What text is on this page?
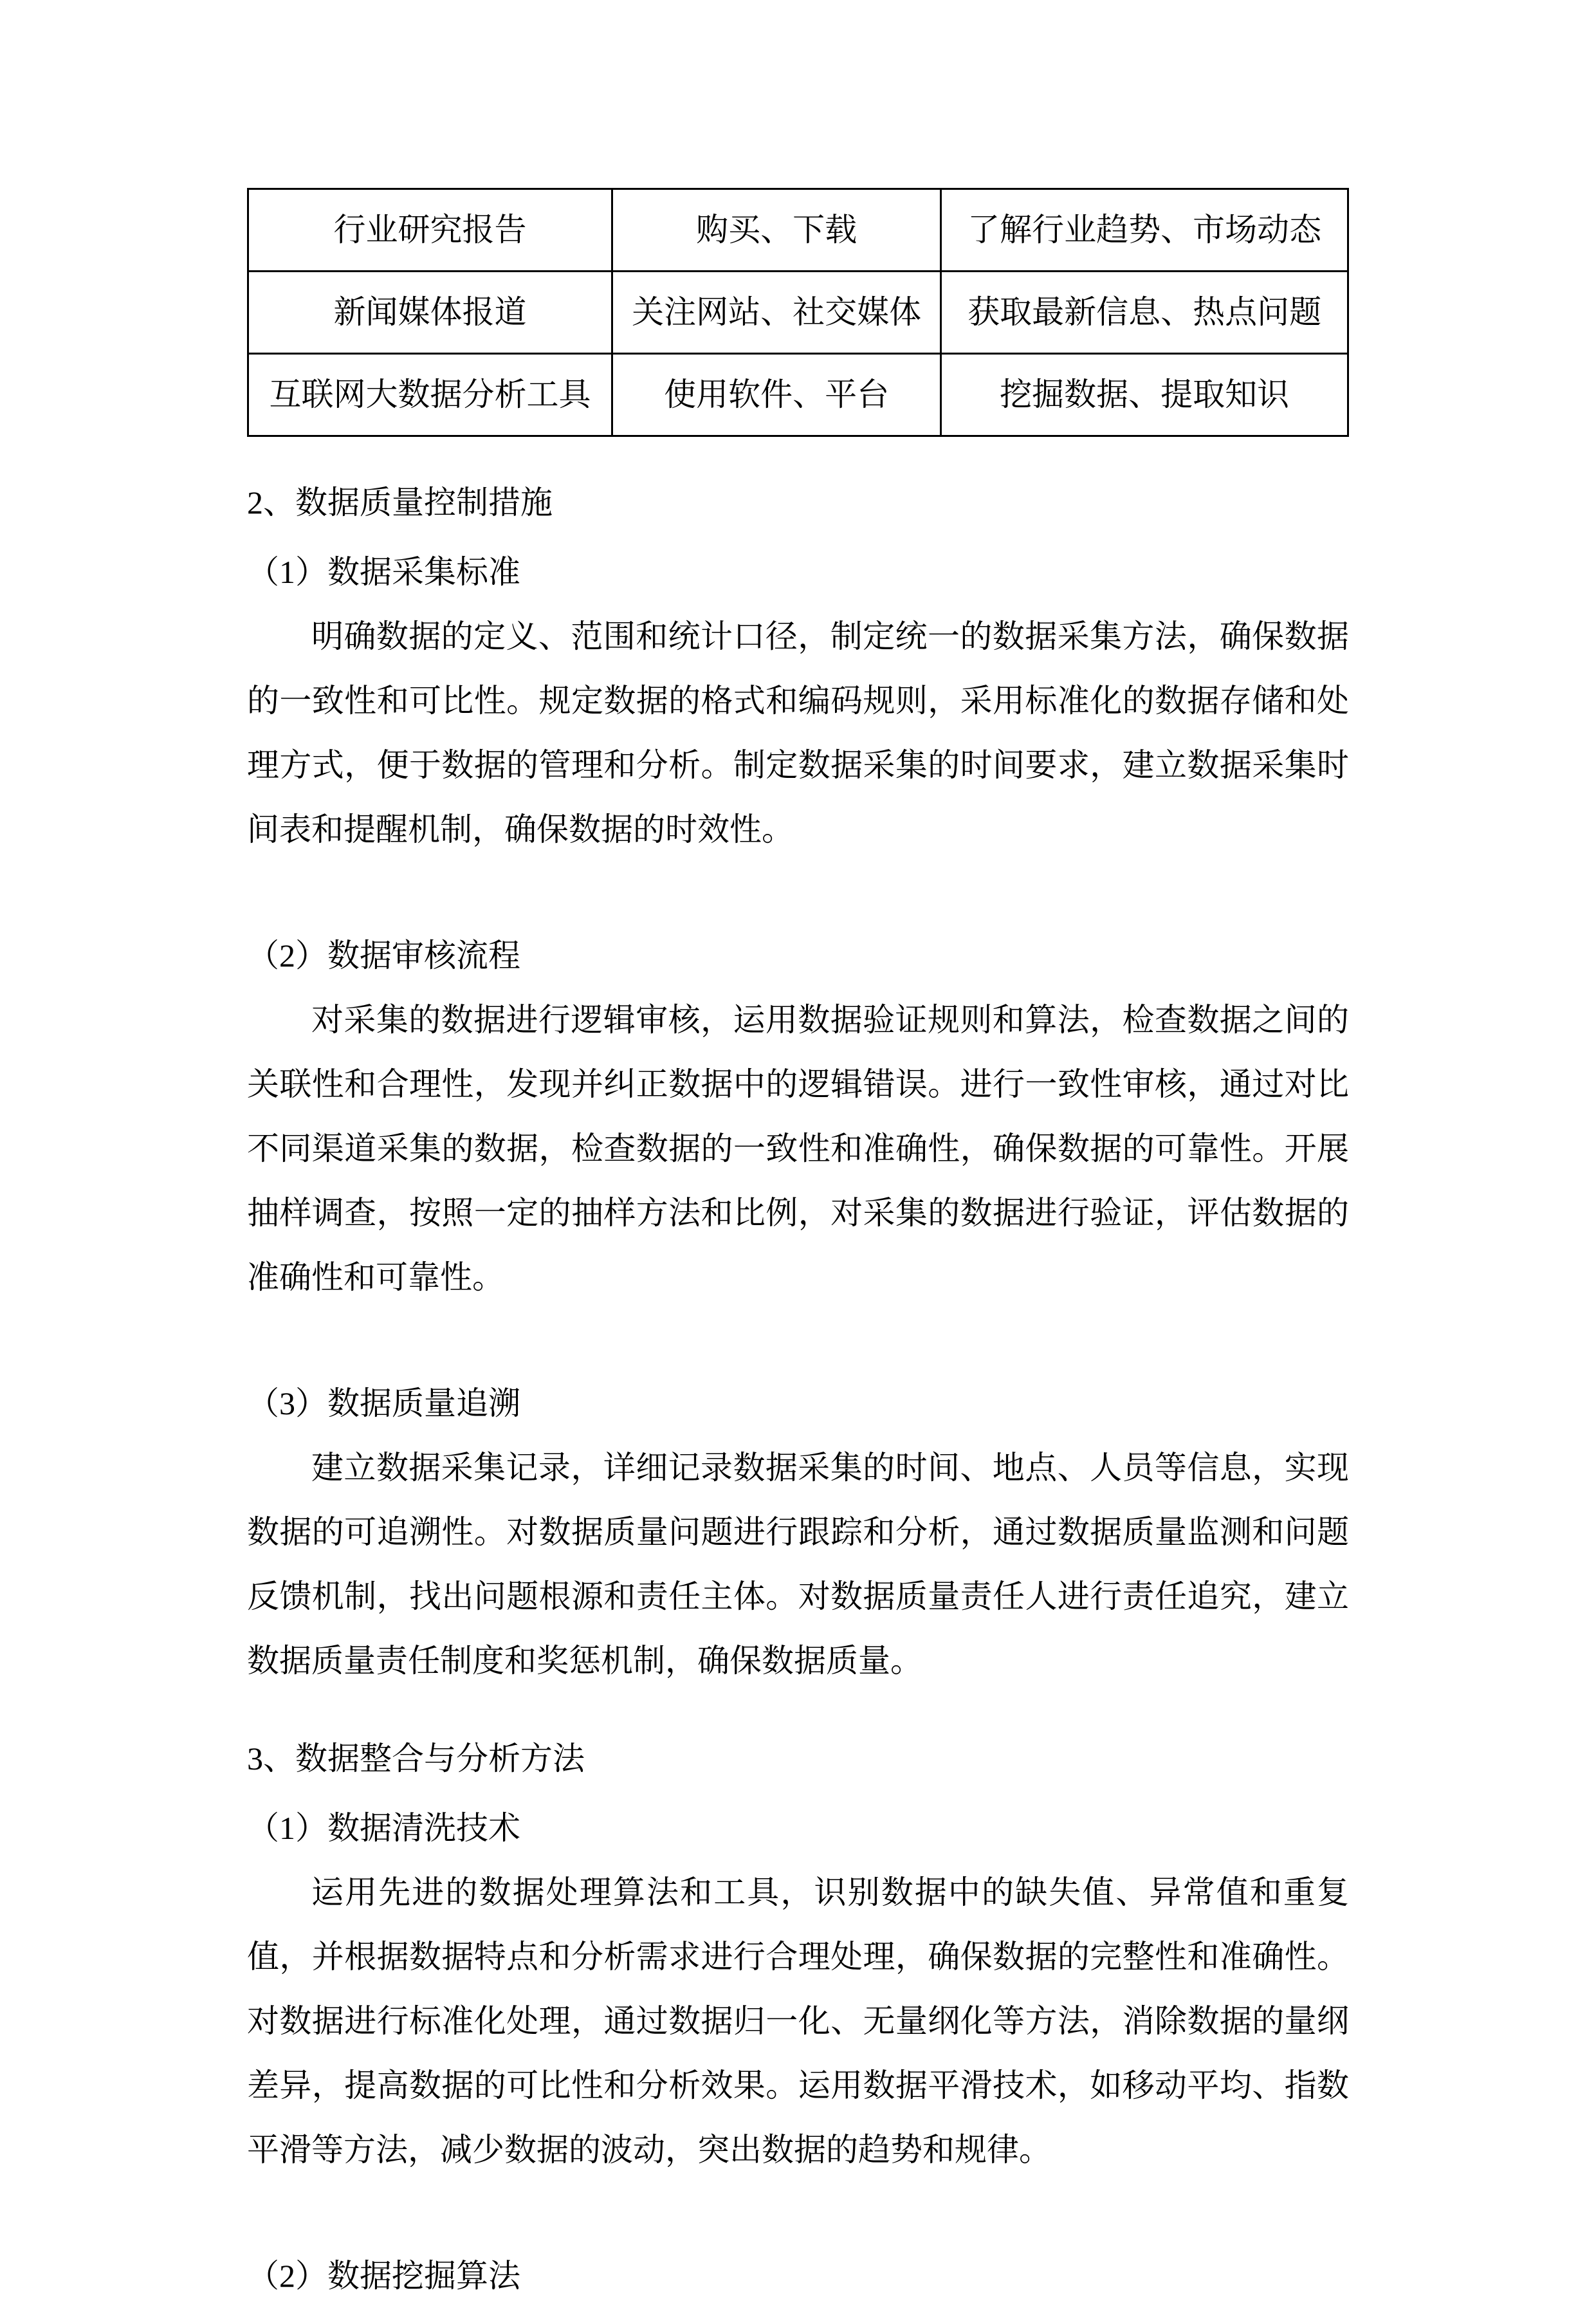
行业研究报告	购买、下载	了解行业趋势、市场动态
新闻媒体报道	关注网站、社交媒体	获取最新信息、热点问题
互联网大数据分析工具	使用软件、平台	挖掘数据、提取知识

2、数据质量控制措施

（1）数据采集标准

明确数据的定义、范围和统计口径，制定统一的数据采集方法，确保数据的一致性和可比性。规定数据的格式和编码规则，采用标准化的数据存储和处理方式，便于数据的管理和分析。制定数据采集的时间要求，建立数据采集时间表和提醒机制，确保数据的时效性。

（2）数据审核流程

对采集的数据进行逻辑审核，运用数据验证规则和算法，检查数据之间的关联性和合理性，发现并纠正数据中的逻辑错误。进行一致性审核，通过对比不同渠道采集的数据，检查数据的一致性和准确性，确保数据的可靠性。开展抽样调查，按照一定的抽样方法和比例，对采集的数据进行验证，评估数据的准确性和可靠性。

（3）数据质量追溯

建立数据采集记录，详细记录数据采集的时间、地点、人员等信息，实现数据的可追溯性。对数据质量问题进行跟踪和分析，通过数据质量监测和问题反馈机制，找出问题根源和责任主体。对数据质量责任人进行责任追究，建立数据质量责任制度和奖惩机制，确保数据质量。

3、数据整合与分析方法

（1）数据清洗技术

运用先进的数据处理算法和工具，识别数据中的缺失值、异常值和重复值，并根据数据特点和分析需求进行合理处理，确保数据的完整性和准确性。对数据进行标准化处理，通过数据归一化、无量纲化等方法，消除数据的量纲差异，提高数据的可比性和分析效果。运用数据平滑技术，如移动平均、指数平滑等方法，减少数据的波动，突出数据的趋势和规律。

（2）数据挖掘算法
